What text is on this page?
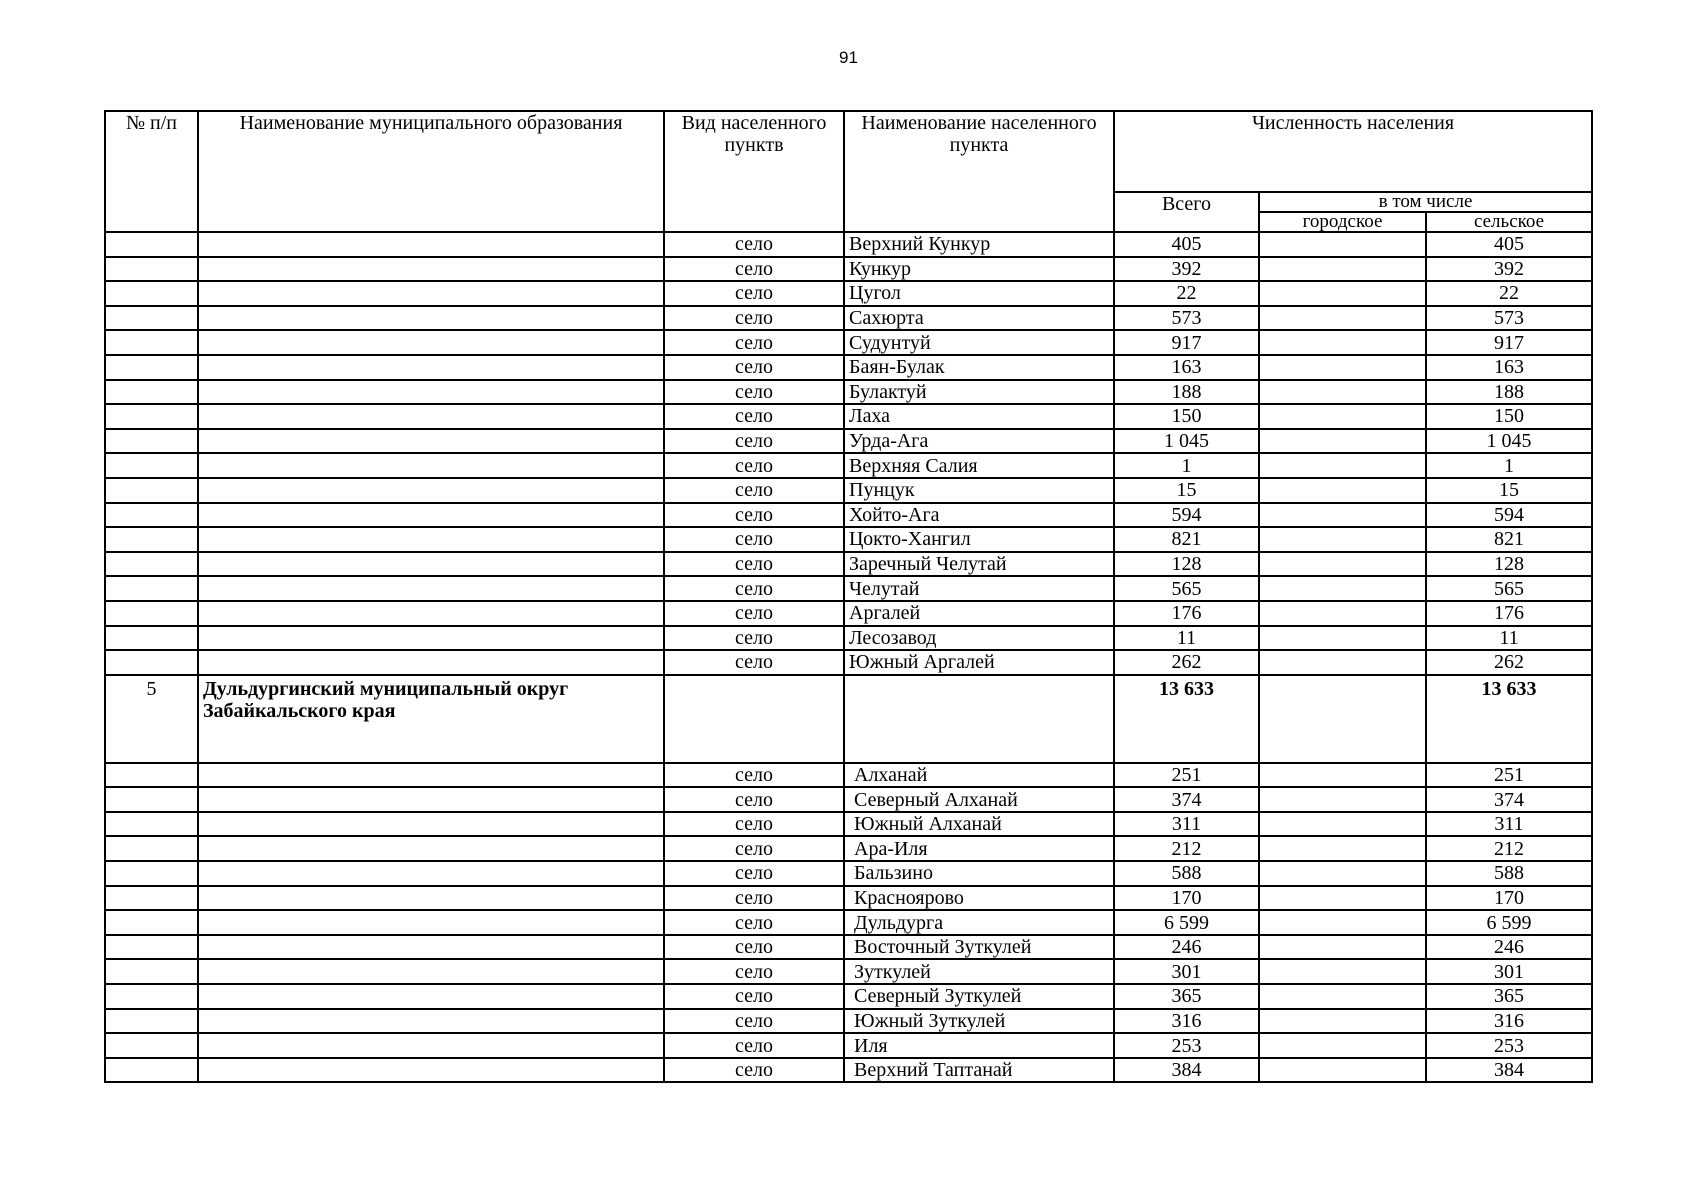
91
№ п/п	Наименование муниципального образования	Вид населенного пунктв	Наименование населенного пункта	Численность населения		
				Всего	в том числе	
					городское	сельское
		село	Верхний Кункур	405		405
		село	Кункур	392		392
		село	Цугол	22		22
		село	Сахюрта	573		573
		село	Судунтуй	917		917
		село	Баян-Булак	163		163
		село	Булактуй	188		188
		село	Лаха	150		150
		село	Урда-Ага	1 045		1 045
		село	Верхняя Салия	1		1
		село	Пунцук	15		15
		село	Хойто-Ага	594		594
		село	Цокто-Хангил	821		821
		село	Заречный Челутай	128		128
		село	Челутай	565		565
		село	Аргалей	176		176
		село	Лесозавод	11		11
		село	Южный Аргалей	262		262
5	Дульдургинский муниципальный округ Забайкальского края			13 633		13 633
		село	Алханай	251		251
		село	Северный Алханай	374		374
		село	Южный Алханай	311		311
		село	Ара-Иля	212		212
		село	Бальзино	588		588
		село	Красноярово	170		170
		село	Дульдурга	6 599		6 599
		село	Восточный Зуткулей	246		246
		село	Зуткулей	301		301
		село	Северный Зуткулей	365		365
		село	Южный Зуткулей	316		316
		село	Иля	253		253
		село	Верхний Таптанай	384		384
